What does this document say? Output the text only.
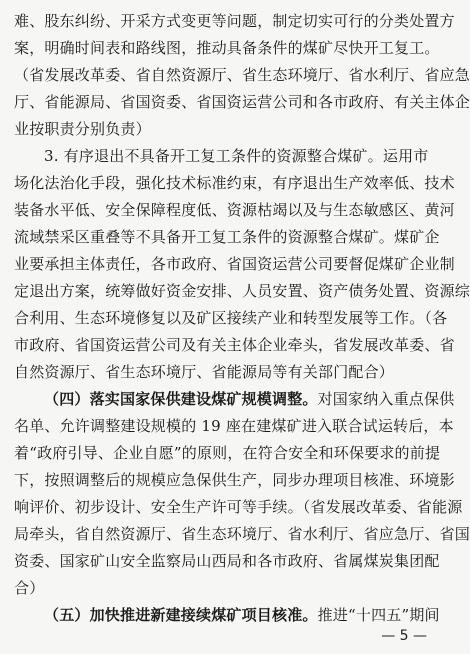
难、股东纠纷、开采方式变更等问题，制定切实可行的分类处置方
案，明确时间表和路线图，推动具备条件的煤矿尽快开工复工。
（省发展改革委、省自然资源厅、省生态环境厅、省水利厅、省应急
厅、省能源局、省国资委、省国资运营公司和各市政府、有关主体企
业按职责分别负责）
3. 有序退出不具备开工复工条件的资源整合煤矿。运用市
场化法治化手段，强化技术标准约束，有序退出生产效率低、技术
装备水平低、安全保障程度低、资源枯竭以及与生态敏感区、黄河
流域禁采区重叠等不具备开工复工条件的资源整合煤矿。煤矿企
业要承担主体责任，各市政府、省国资运营公司要督促煤矿企业制
定退出方案，统筹做好资金安排、人员安置、资产债务处置、资源综
合利用、生态环境修复以及矿区接续产业和转型发展等工作。（各
市政府、省国资运营公司及有关主体企业牵头，省发展改革委、省
自然资源厅、省生态环境厅、省能源局等有关部门配合）
（四）落实国家保供建设煤矿规模调整。对国家纳入重点保供
名单、允许调整建设规模的 19 座在建煤矿进入联合试运转后，本
着“政府引导、企业自愿”的原则，在符合安全和环保要求的前提
下，按照调整后的规模应急保供生产，同步办理项目核准、环境影
响评价、初步设计、安全生产许可等手续。（省发展改革委、省能源
局牵头，省自然资源厅、省生态环境厅、省水利厅、省应急厅、省国
资委、国家矿山安全监察局山西局和各市政府、省属煤炭集团配
合）
（五）加快推进新建接续煤矿项目核准。推进“十四五”期间
— 5 —
